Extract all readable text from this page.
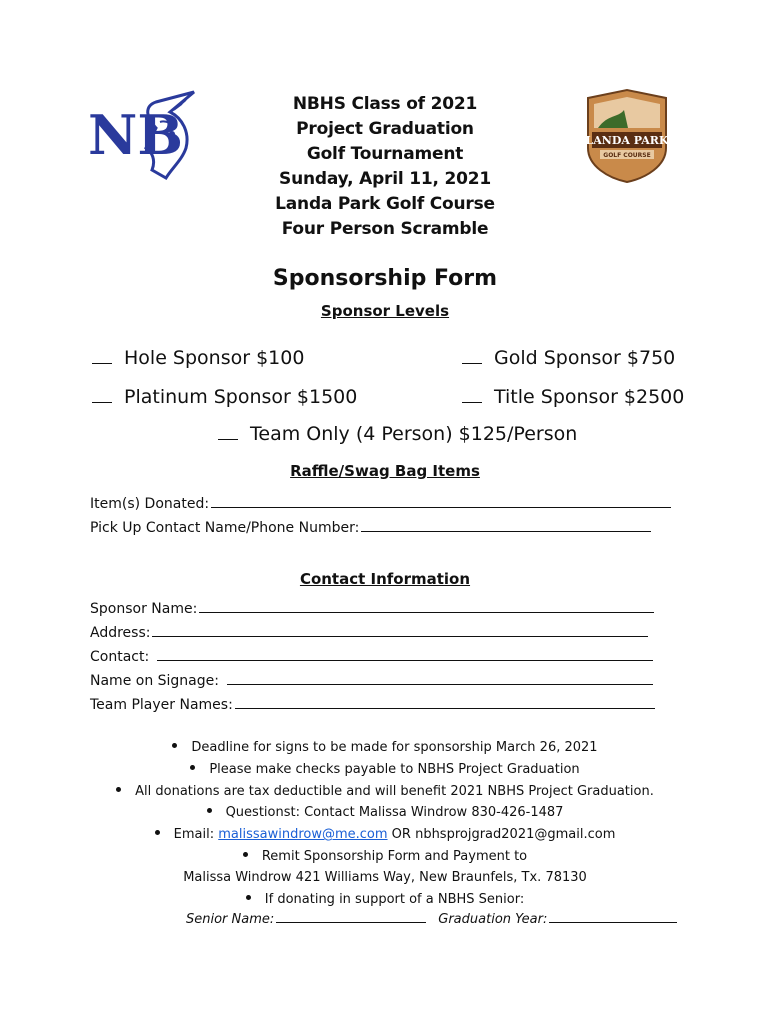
NB	LANDA PARK
GOLF COURSE
NBHS Class of 2021
Project Graduation
Golf Tournament
Sunday, April 11, 2021
Landa Park Golf Course
Four Person Scramble
Sponsorship Form
Sponsor Levels
Hole Sponsor $100	Gold Sponsor $750
Platinum Sponsor $1500	Title Sponsor $2500
Team Only (4 Person) $125/Person
Raffle/Swag Bag Items
Item(s) Donated:
Pick Up Contact Name/Phone Number:
Contact Information
Sponsor Name:
Address:
Contact:
Name on Signage:
Team Player Names:
Deadline for signs to be made for sponsorship March 26, 2021
Please make checks payable to NBHS Project Graduation
All donations are tax deductible and will benefit 2021 NBHS Project Graduation.
Questionst: Contact Malissa Windrow 830-426-1487
Email: malissawindrow@me.com OR nbhsprojgrad2021@gmail.com
Remit Sponsorship Form and Payment to
Malissa Windrow 421 Williams Way, New Braunfels, Tx. 78130
If donating in support of a NBHS Senior:
Senior Name:	Graduation Year:
